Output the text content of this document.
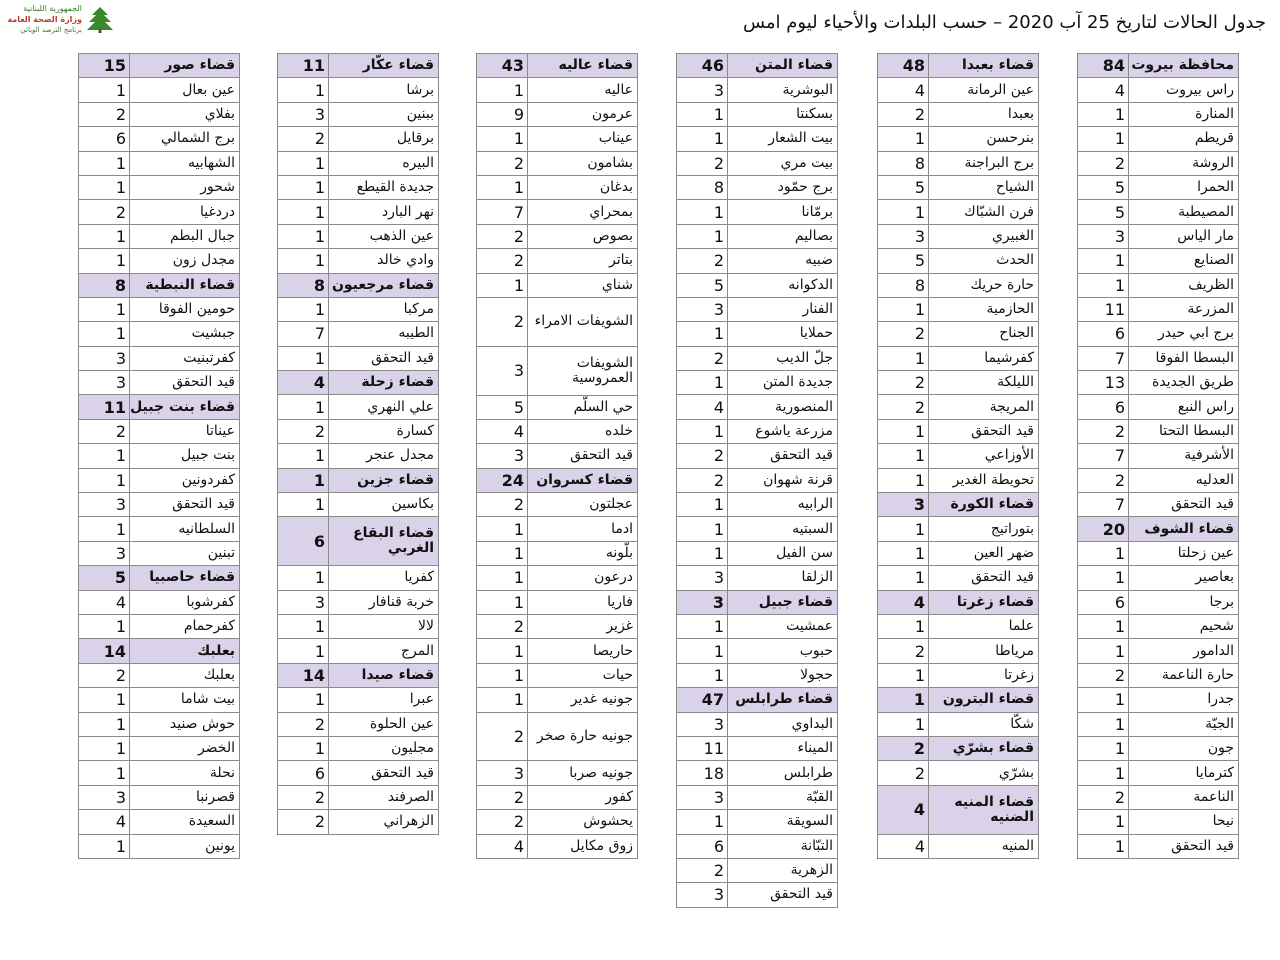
الجمهورية اللبنانية
وزارة الصحة العامة
برنامج الترصد الوبائي	جدول الحالات لتاريخ 25 آب 2020 – حسب البلدات والأحياء ليوم امس
84	محافظة بيروت
4	راس بيروت
1	المنارة
1	قريطم
2	الروشة
5	الحمرا
5	المصيطبة
3	مار الياس
1	الصنايع
1	الظريف
11	المزرعة
6	برج ابي حيدر
7	البسطا الفوقا
13	طريق الجديدة
6	راس النبع
2	البسطا التحتا
7	الأشرفية
2	العدليه
7	قيد التحقق
20	قضاء الشوف
1	عين زحلتا
1	بعاصير
6	برجا
1	شحيم
1	الدامور
2	حارة الناعمة
1	جدرا
1	الجيّة
1	جون
1	كترمايا
2	الناعمة
1	نيحا
1	قيد التحقق
48	قضاء بعبدا
4	عين الرمانة
2	بعبدا
1	بنرحسن
8	برج البراجنة
5	الشياح
1	فرن الشبّاك
3	الغبيري
5	الحدث
8	حارة حريك
1	الحازمية
2	الجناح
1	كفرشيما
2	الليلكة
2	المريجة
1	قيد التحقق
1	الأوزاعي
1	تحويطة الغدير
3	قضاء الكورة
1	بتوراتيج
1	ضهر العين
1	قيد التحقق
4	قضاء زغرتا
1	علما
2	مرياطا
1	زغرتا
1	قضاء البترون
1	شكّا
2	قضاء بشرّي
2	بشرّي
4	قضاء المنيه الضنيه
4	المنيه
46	قضاء المتن
3	البوشرية
1	بسكنتا
1	بيت الشعار
2	بيت مري
8	برج حمّود
1	برمّانا
1	بصاليم
2	ضبيه
5	الدكوانه
3	الفنار
1	حملايا
2	جلّ الديب
1	جديدة المتن
4	المنصورية
1	مزرعة ياشوع
2	قيد التحقق
2	قرنة شهوان
1	الرابيه
1	السبتيه
1	سن الفيل
3	الزلقا
3	قضاء جبيل
1	عمشيت
1	حبوب
1	حجولا
47	قضاء طرابلس
3	البداوي
11	الميناء
18	طرابلس
3	القبّة
1	السويقة
6	التبّانة
2	الزهرية
3	قيد التحقق
43	قضاء عاليه
1	عاليه
9	عرمون
1	عيناب
2	بشامون
1	بدغان
7	بمحراي
2	بصوص
2	بتاتر
1	شناي
2	الشويفات الامراء
3	الشويفات العمروسية
5	حي السلّم
4	خلده
3	قيد التحقق
24	قضاء كسروان
2	عجلتون
1	ادما
1	بلّونه
1	درعون
1	فاريا
2	غزير
1	حاريصا
1	حيات
1	جونيه غدير
2	جونيه حارة صخر
3	جونيه صربا
2	كفور
2	يحشوش
4	زوق مكايل
11	قضاء عكّار
1	برشا
3	ببنين
2	برقايل
1	البيره
1	جديدة القيطع
1	نهر البارد
1	عين الذهب
1	وادي خالد
8	قضاء مرجعيون
1	مركبا
7	الطيبه
1	قيد التحقق
4	قضاء زحلة
1	علي النهري
2	كسارة
1	مجدل عنجر
1	قضاء جزين
1	بكاسين
6	قضاء البقاع الغربي
1	كفريا
3	خربة قنافار
1	لالا
1	المرج
14	قضاء صيدا
1	عبرا
2	عين الحلوة
1	مجليون
6	قيد التحقق
2	الصرفند
2	الزهراني
15	قضاء صور
1	عين بعال
2	بفلاي
6	برج الشمالي
1	الشهابيه
1	شحور
2	دردغيا
1	جبال البطم
1	مجدل زون
8	قضاء النبطية
1	حومين الفوقا
1	جبشيت
3	كفرتبنيت
3	قيد التحقق
11	قضاء بنت جبيل
2	عيناتا
1	بنت جبيل
1	كفردونين
3	قيد التحقق
1	السلطانيه
3	تبنين
5	قضاء حاصبيا
4	كفرشوبا
1	كفرحمام
14	بعلبك
2	بعلبك
1	بيت شاما
1	حوش صنيد
1	الخضر
1	نحلة
3	قصرنبا
4	السعيدة
1	يونين
